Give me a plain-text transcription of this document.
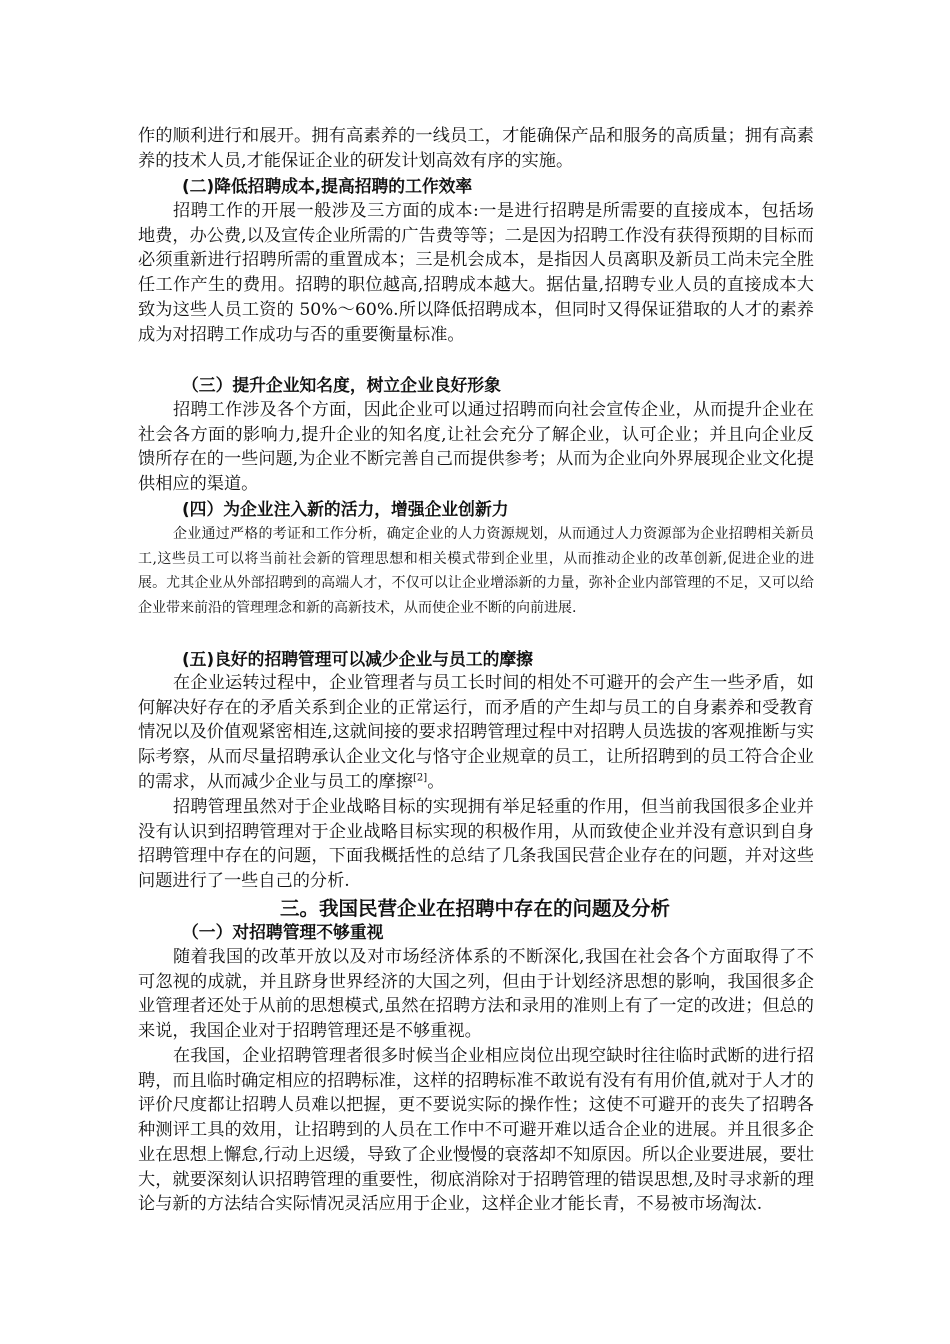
作的顺利进行和展开。拥有高素养的一线员工，才能确保产品和服务的高质量；拥有高素养的技术人员,才能保证企业的研发计划高效有序的实施。

(二)降低招聘成本,提高招聘的工作效率

招聘工作的开展一般涉及三方面的成本:一是进行招聘是所需要的直接成本，包括场地费，办公费,以及宣传企业所需的广告费等等；二是因为招聘工作没有获得预期的目标而必须重新进行招聘所需的重置成本；三是机会成本，是指因人员离职及新员工尚未完全胜任工作产生的费用。招聘的职位越高,招聘成本越大。据估量,招聘专业人员的直接成本大致为这些人员工资的 50%～60%.所以降低招聘成本，但同时又得保证猎取的人才的素养成为对招聘工作成功与否的重要衡量标准。

（三）提升企业知名度，树立企业良好形象

招聘工作涉及各个方面，因此企业可以通过招聘而向社会宣传企业，从而提升企业在社会各方面的影响力,提升企业的知名度,让社会充分了解企业，认可企业；并且向企业反馈所存在的一些问题,为企业不断完善自己而提供参考；从而为企业向外界展现企业文化提供相应的渠道。

(四）为企业注入新的活力，增强企业创新力

企业通过严格的考证和工作分析，确定企业的人力资源规划，从而通过人力资源部为企业招聘相关新员工,这些员工可以将当前社会新的管理思想和相关模式带到企业里，从而推动企业的改革创新,促进企业的进展。尤其企业从外部招聘到的高端人才，不仅可以让企业增添新的力量，弥补企业内部管理的不足，又可以给企业带来前沿的管理理念和新的高新技术，从而使企业不断的向前进展.

(五)良好的招聘管理可以减少企业与员工的摩擦

在企业运转过程中，企业管理者与员工长时间的相处不可避开的会产生一些矛盾，如何解决好存在的矛盾关系到企业的正常运行，而矛盾的产生却与员工的自身素养和受教育情况以及价值观紧密相连,这就间接的要求招聘管理过程中对招聘人员选拔的客观推断与实际考察，从而尽量招聘承认企业文化与恪守企业规章的员工，让所招聘到的员工符合企业的需求，从而减少企业与员工的摩擦[2]。

招聘管理虽然对于企业战略目标的实现拥有举足轻重的作用，但当前我国很多企业并没有认识到招聘管理对于企业战略目标实现的积极作用，从而致使企业并没有意识到自身招聘管理中存在的问题，下面我概括性的总结了几条我国民营企业存在的问题，并对这些问题进行了一些自己的分析.

三。我国民营企业在招聘中存在的问题及分析
（一）对招聘管理不够重视

随着我国的改革开放以及对市场经济体系的不断深化,我国在社会各个方面取得了不可忽视的成就，并且跻身世界经济的大国之列，但由于计划经济思想的影响，我国很多企业管理者还处于从前的思想模式,虽然在招聘方法和录用的准则上有了一定的改进；但总的来说，我国企业对于招聘管理还是不够重视。

在我国，企业招聘管理者很多时候当企业相应岗位出现空缺时往往临时武断的进行招聘，而且临时确定相应的招聘标准，这样的招聘标准不敢说有没有有用价值,就对于人才的评价尺度都让招聘人员难以把握，更不要说实际的操作性；这使不可避开的丧失了招聘各种测评工具的效用，让招聘到的人员在工作中不可避开难以适合企业的进展。并且很多企业在思想上懈怠,行动上迟缓，导致了企业慢慢的衰落却不知原因。所以企业要进展，要壮大，就要深刻认识招聘管理的重要性，彻底消除对于招聘管理的错误思想,及时寻求新的理论与新的方法结合实际情况灵活应用于企业，这样企业才能长青，不易被市场淘汰.
